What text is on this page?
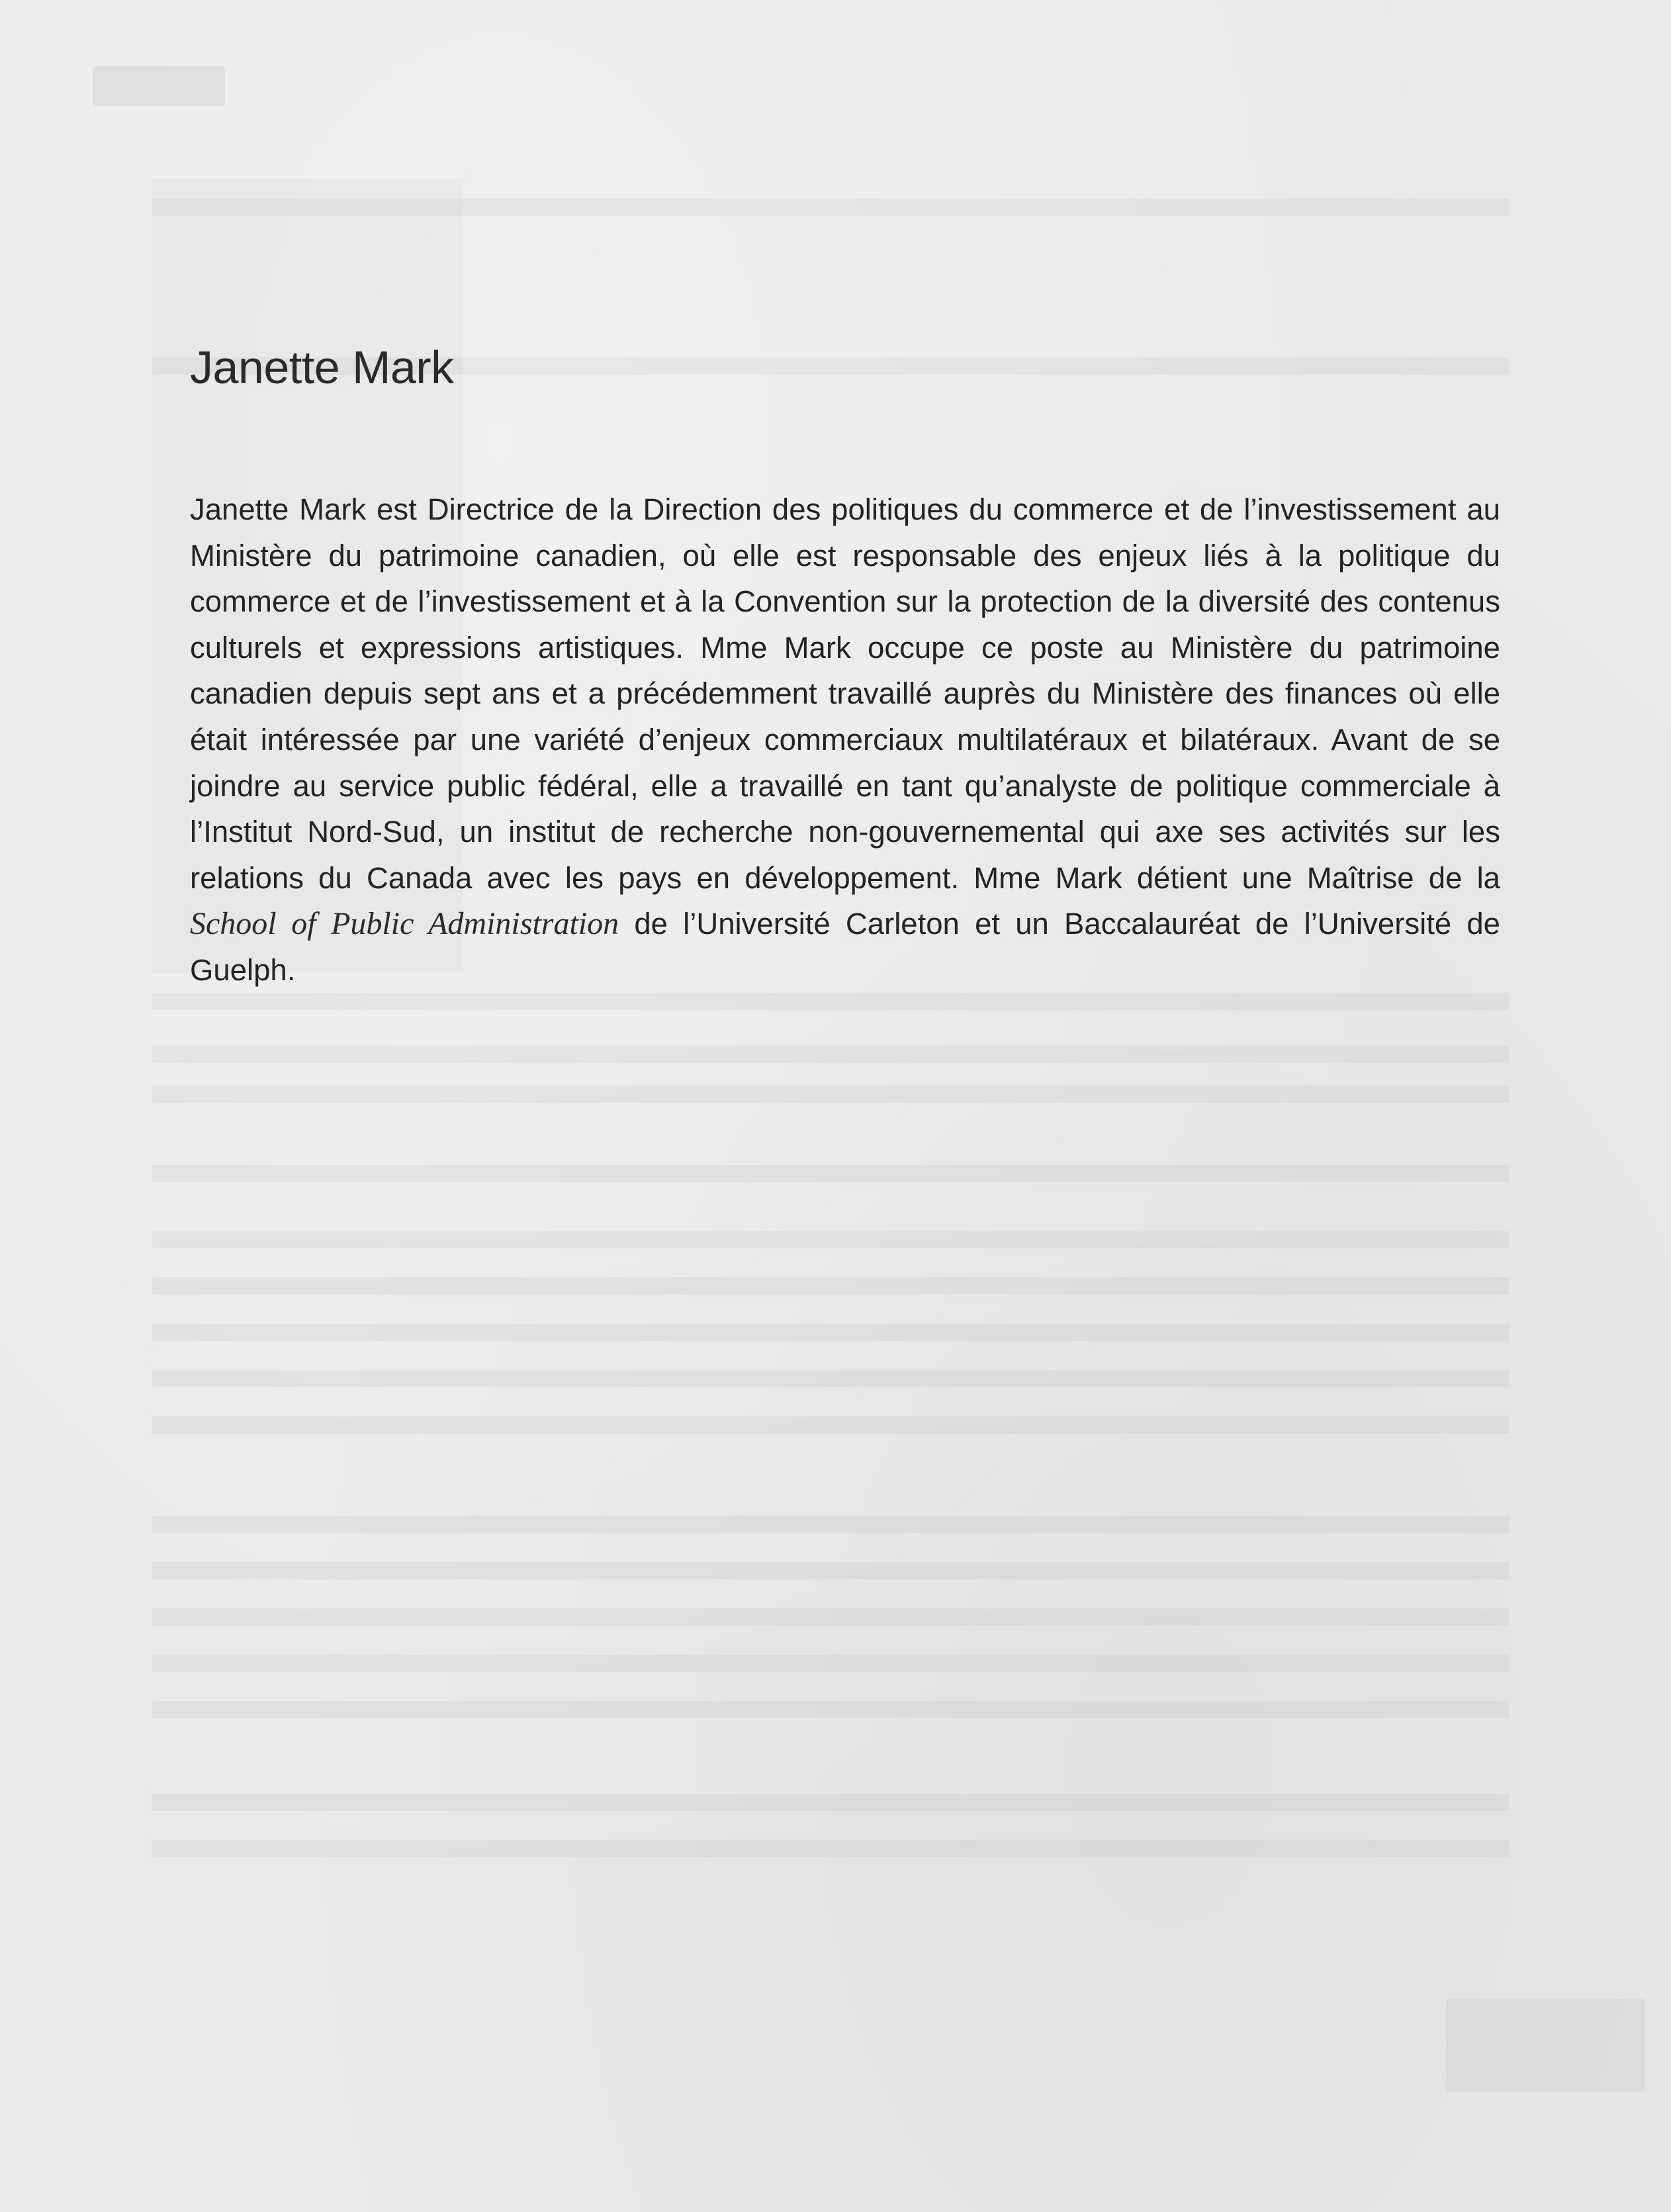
Janette Mark

Janette Mark est Directrice de la Direction des politiques du commerce et de l’investissement au Ministère du patrimoine canadien, où elle est responsable des enjeux liés à la politique du commerce et de l’investissement et à la Convention sur la protection de la diversité des contenus culturels et expressions artistiques. Mme Mark occupe ce poste au Ministère du patrimoine canadien depuis sept ans et a précédemment travaillé auprès du Ministère des finances où elle était intéressée par une variété d’enjeux commerciaux multilatéraux et bilatéraux. Avant de se joindre au service public fédéral, elle a travaillé en tant qu’analyste de politique commerciale à l’Institut Nord-Sud, un institut de recherche non-gouvernemental qui axe ses activités sur les relations du Canada avec les pays en développement. Mme Mark détient une Maîtrise de la School of Public Administration de l’Université Carleton et un Baccalauréat de l’Université de Guelph.
